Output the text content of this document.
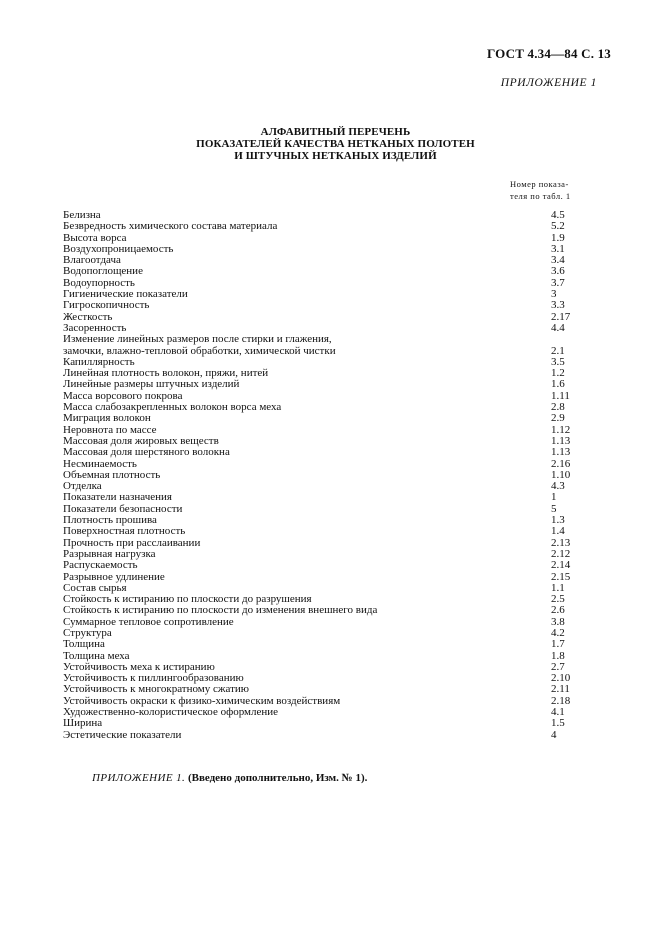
ГОСТ 4.34—84 С. 13
ПРИЛОЖЕНИЕ 1
АЛФАВИТНЫЙ ПЕРЕЧЕНЬ
ПОКАЗАТЕЛЕЙ КАЧЕСТВА НЕТКАНЫХ ПОЛОТЕН
И ШТУЧНЫХ НЕТКАНЫХ ИЗДЕЛИЙ
Номер показа-
теля по табл. 1
Белизна	4.5
Безвредность химического состава материала	5.2
Высота ворса	1.9
Воздухопроницаемость	3.1
Влагоотдача	3.4
Водопоглощение	3.6
Водоупорность	3.7
Гигиенические показатели	3
Гигроскопичность	3.3
Жесткость	2.17
Засоренность	4.4
Изменение линейных размеров после стирки и глажения,
замочки, влажно-тепловой обработки, химической чистки	2.1
Капиллярность	3.5
Линейная плотность волокон, пряжи, нитей	1.2
Линейные размеры штучных изделий	1.6
Масса ворсового покрова	1.11
Масса слабозакрепленных волокон ворса меха	2.8
Миграция волокон	2.9
Неровнота по массе	1.12
Массовая доля жировых веществ	1.13
Массовая доля шерстяного волокна	1.13
Несминаемость	2.16
Объемная плотность	1.10
Отделка	4.3
Показатели назначения	1
Показатели безопасности	5
Плотность прошива	1.3
Поверхностная плотность	1.4
Прочность при расслаивании	2.13
Разрывная нагрузка	2.12
Распускаемость	2.14
Разрывное удлинение	2.15
Состав сырья	1.1
Стойкость к истиранию по плоскости до разрушения	2.5
Стойкость к истиранию по плоскости до изменения внешнего вида	2.6
Суммарное тепловое сопротивление	3.8
Структура	4.2
Толщина	1.7
Толщина меха	1.8
Устойчивость меха к истиранию	2.7
Устойчивость к пиллингообразованию	2.10
Устойчивость к многократному сжатию	2.11
Устойчивость окраски к физико-химическим воздействиям	2.18
Художественно-колористическое оформление	4.1
Ширина	1.5
Эстетические показатели	4
ПРИЛОЖЕНИЕ 1. (Введено дополнительно, Изм. № 1).
